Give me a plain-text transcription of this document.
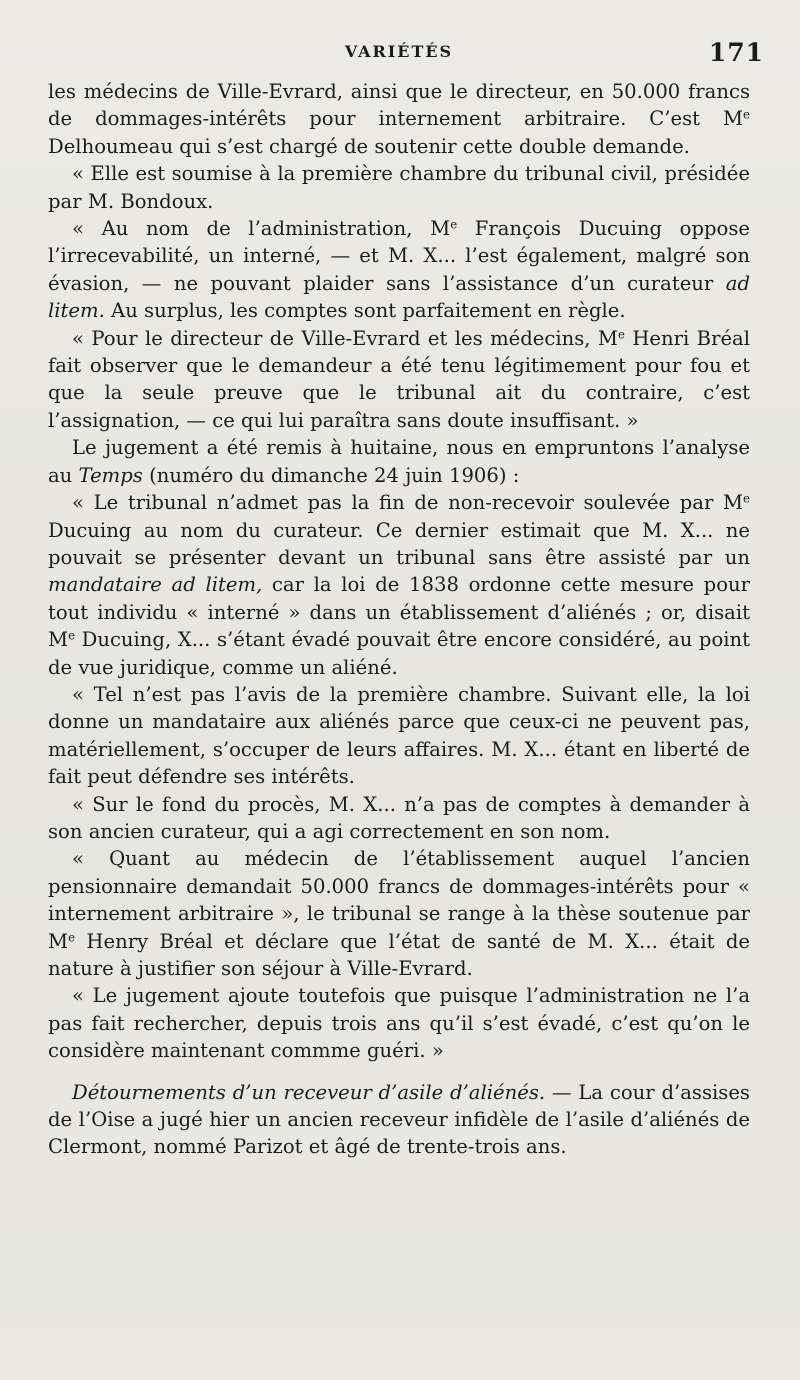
VARIÉTÉS	171

les médecins de Ville-Evrard, ainsi que le directeur, en 50.000 francs de dommages-intérêts pour internement arbitraire. C’est Me Delhoumeau qui s’est chargé de soutenir cette double demande.

« Elle est soumise à la première chambre du tribunal civil, présidée par M. Bondoux.

« Au nom de l’administration, Me François Ducuing oppose l’irrecevabilité, un interné, — et M. X... l’est également, malgré son évasion, — ne pouvant plaider sans l’assistance d’un curateur ad litem. Au surplus, les comptes sont parfaitement en règle.

« Pour le directeur de Ville-Evrard et les médecins, Me Henri Bréal fait observer que le demandeur a été tenu légitimement pour fou et que la seule preuve que le tribunal ait du contraire, c’est l’assignation, — ce qui lui paraîtra sans doute insuffisant. »

Le jugement a été remis à huitaine, nous en empruntons l’analyse au Temps (numéro du dimanche 24 juin 1906) :

« Le tribunal n’admet pas la fin de non-recevoir soulevée par Me Ducuing au nom du curateur. Ce dernier estimait que M. X... ne pouvait se présenter devant un tribunal sans être assisté par un mandataire ad litem, car la loi de 1838 ordonne cette mesure pour tout individu « interné » dans un établissement d’aliénés ; or, disait Me Ducuing, X... s’étant évadé pouvait être encore considéré, au point de vue juridique, comme un aliéné.

« Tel n’est pas l’avis de la première chambre. Suivant elle, la loi donne un mandataire aux aliénés parce que ceux-ci ne peuvent pas, matériellement, s’occuper de leurs affaires. M. X... étant en liberté de fait peut défendre ses intérêts.

« Sur le fond du procès, M. X... n’a pas de comptes à demander à son ancien curateur, qui a agi correctement en son nom.

« Quant au médecin de l’établissement auquel l’ancien pensionnaire demandait 50.000 francs de dommages-intérêts pour « internement arbitraire », le tribunal se range à la thèse soutenue par Me Henry Bréal et déclare que l’état de santé de M. X... était de nature à justifier son séjour à Ville-Evrard.

« Le jugement ajoute toutefois que puisque l’administration ne l’a pas fait rechercher, depuis trois ans qu’il s’est évadé, c’est qu’on le considère maintenant commme guéri. »

Détournements d’un receveur d’asile d’aliénés. — La cour d’assises de l’Oise a jugé hier un ancien receveur infidèle de l’asile d’aliénés de Clermont, nommé Parizot et âgé de trente-trois ans.
